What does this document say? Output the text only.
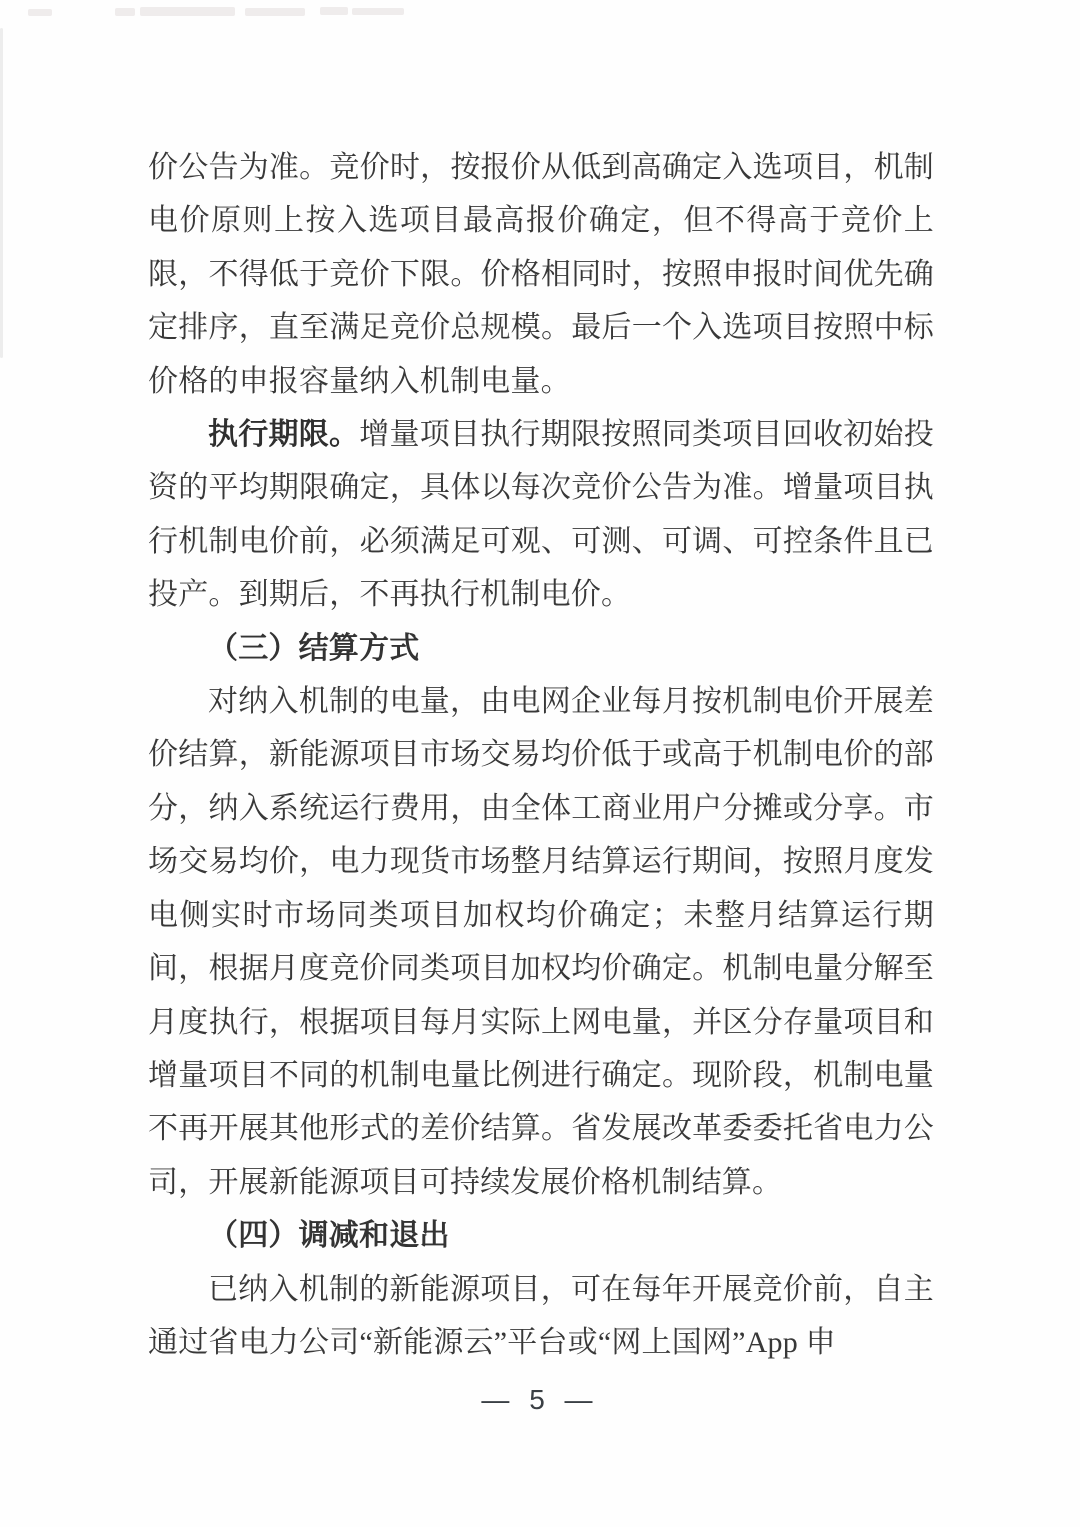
价公告为准。竞价时，按报价从低到高确定入选项目，机制电价原则上按入选项目最高报价确定，但不得高于竞价上限，不得低于竞价下限。价格相同时，按照申报时间优先确定排序，直至满足竞价总规模。最后一个入选项目按照中标价格的申报容量纳入机制电量。

执行期限。增量项目执行期限按照同类项目回收初始投资的平均期限确定，具体以每次竞价公告为准。增量项目执行机制电价前，必须满足可观、可测、可调、可控条件且已投产。到期后，不再执行机制电价。

（三）结算方式

对纳入机制的电量，由电网企业每月按机制电价开展差价结算，新能源项目市场交易均价低于或高于机制电价的部分，纳入系统运行费用，由全体工商业用户分摊或分享。市场交易均价，电力现货市场整月结算运行期间，按照月度发电侧实时市场同类项目加权均价确定；未整月结算运行期间，根据月度竞价同类项目加权均价确定。机制电量分解至月度执行，根据项目每月实际上网电量，并区分存量项目和增量项目不同的机制电量比例进行确定。现阶段，机制电量不再开展其他形式的差价结算。省发展改革委委托省电力公司，开展新能源项目可持续发展价格机制结算。

（四）调减和退出

已纳入机制的新能源项目，可在每年开展竞价前，自主通过省电力公司“新能源云”平台或“网上国网”App 申

— 5 —
